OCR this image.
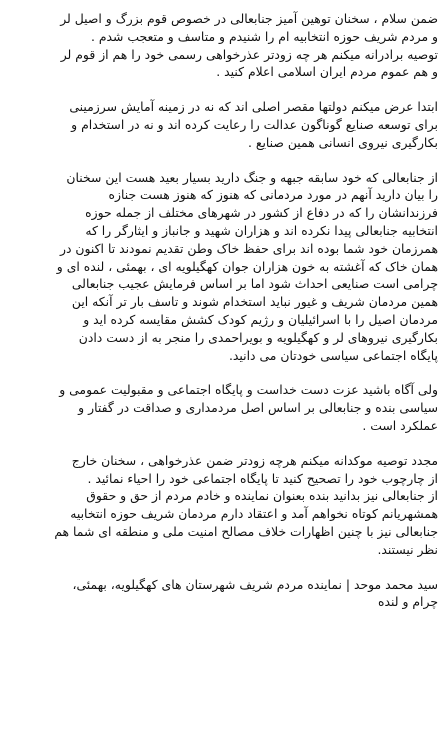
ضمن سلام ، سخنان توهین آمیز جنابعالی در خصوص قوم بزرگ و اصیل لر
و مردم شریف حوزه انتخابیه ام را شنیدم و متاسف و متعجب شدم .
توصیه برادرانه میکنم هر چه زودتر عذرخواهی رسمی خود را هم از قوم لر
و هم عموم مردم ایران اسلامی اعلام کنید .
ابتدا عرض میکنم دولتها مقصر اصلی اند که نه در زمینه آمایش سرزمینی
برای توسعه صنایع گوناگون عدالت را رعایت کرده اند و نه در استخدام و
بکارگیری نیروی انسانی همین صنایع .
از جنابعالی که خود سابقه جبهه و جنگ دارید بسیار بعید هست این سخنان
را بیان دارید آنهم در مورد مردمانی که هنوز که هنوز هست جنازه
فرزندانشان را که در دفاع از کشور در شهرهای مختلف از جمله حوزه
انتخابیه جنابعالی پیدا نکرده اند و هزاران شهید و جانباز و ایثارگر را که
همرزمان خود شما بوده اند برای حفظ خاک وطن تقدیم نمودند تا اکنون در
همان خاک که آغشته به خون هزاران جوان کهگیلویه ای ، بهمئی ، لنده ای و
چرامی است صنایعی احداث شود اما بر اساس فرمایش عجیب جنابعالی
همین مردمان شریف و غیور نباید استخدام شوند و تاسف بار تر آنکه این
مردمان اصیل را با اسرائیلیان و رژیم کودک کشش مقایسه کرده اید و
بکارگیری نیروهای لر و کهگیلویه و بویراحمدی را منجر به از دست دادن
پایگاه اجتماعی سیاسی خودتان می دانید.
ولی آگاه باشید عزت دست خداست و پایگاه اجتماعی و مقبولیت عمومی و
سیاسی بنده و جنابعالی بر اساس اصل مردمداری و صداقت در گفتار و
عملکرد است .
مجدد توصیه موکدانه میکنم هرچه زودتر ضمن عذرخواهی ، سخنان خارج
از چارچوب خود را تصحیح کنید تا پایگاه اجتماعی خود را احیاء نمائید .
از جنابعالی نیز بدانید بنده بعنوان نماینده و خادم مردم از حق و حقوق
همشهریانم کوتاه نخواهم آمد و اعتقاد دارم مردمان شریف حوزه انتخابیه
جنابعالی نیز با چنین اظهارات خلاف مصالح امنیت ملی و منطقه ای شما هم
نظر نیستند.
سید محمد موحد | نماینده مردم شریف شهرستان های کهگیلویه، بهمئی،
چرام و لنده
